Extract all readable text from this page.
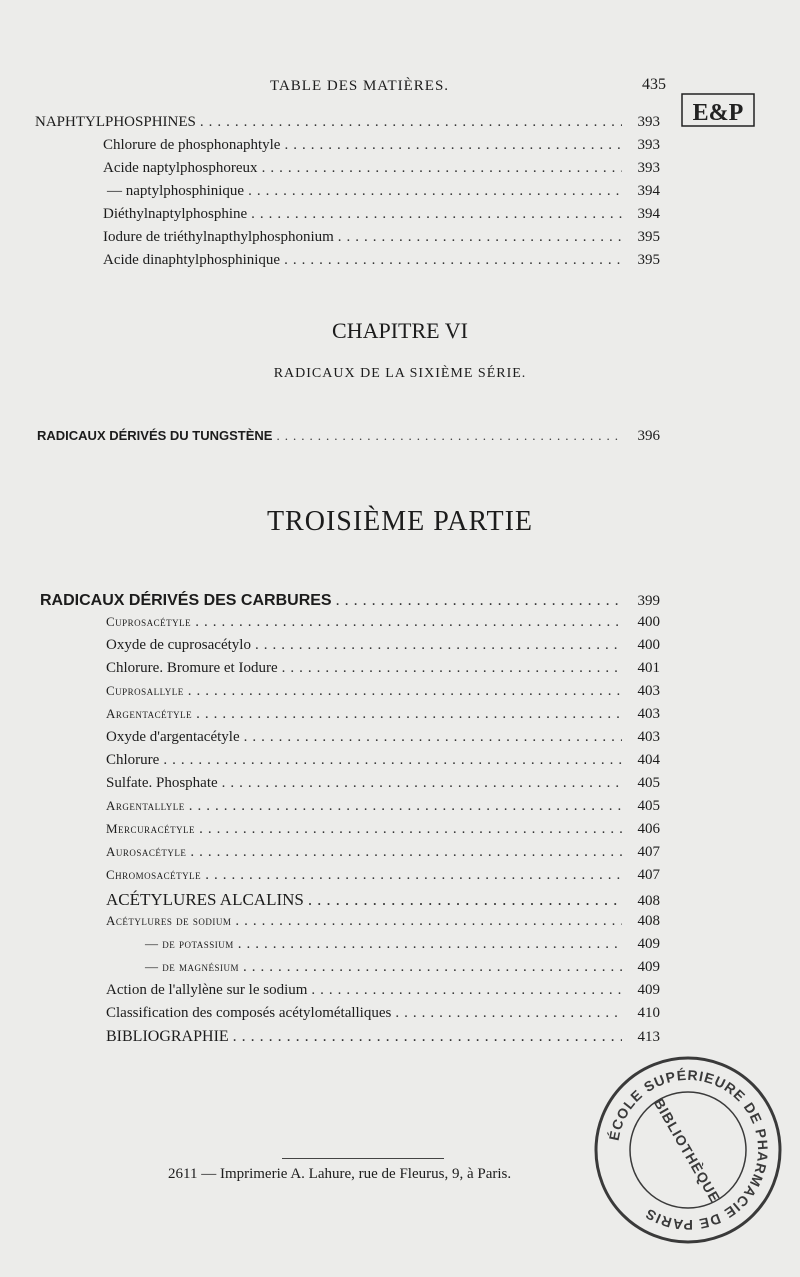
TABLE DES MATIÈRES.	435
E&P
NAPHTYLPHOSPHINES .....	393
Chlorure de phosphonaphtyle .....	393
Acide naptylphosphoreux .....	393
— naptylphosphinique .....	394
Diéthylnaptylphosphine .....	394
Iodure de triéthylnapthylphosphonium .....	395
Acide dinaphtylphosphinique .....	395
CHAPITRE VI
RADICAUX DE LA SIXIÈME SÉRIE.
RADICAUX DÉRIVÉS DU TUNGSTÈNE .....	396
TROISIÈME PARTIE
RADICAUX DÉRIVÉS DES CARBURES .....	399
Cuprosacétyle .....	400
Oxyde de cuprosacétylo .....	400
Chlorure. Bromure et Iodure .....	401
Cuprosallyle .....	403
Argentacétyle .....	403
Oxyde d'argentacétyle .....	403
Chlorure .....	404
Sulfate. Phosphate .....	405
Argentallyle .....	405
Mercuracétyle .....	406
Aurosacétyle .....	407
Chromosacétyle .....	407
ACÉTYLURES ALCALINS .....	408
Acétylures de sodium .....	408
— de potassium .....	409
— de magnésium .....	409
Action de l'allylène sur le sodium .....	409
Classification des composés acétylométalliques .....	410
BIBLIOGRAPHIE .....	413
ÉCOLE SUPÉRIEURE DE PHARMACIE DE PARIS
BIBLIOTHÈQUE
2611 — Imprimerie A. Lahure, rue de Fleurus, 9, à Paris.
